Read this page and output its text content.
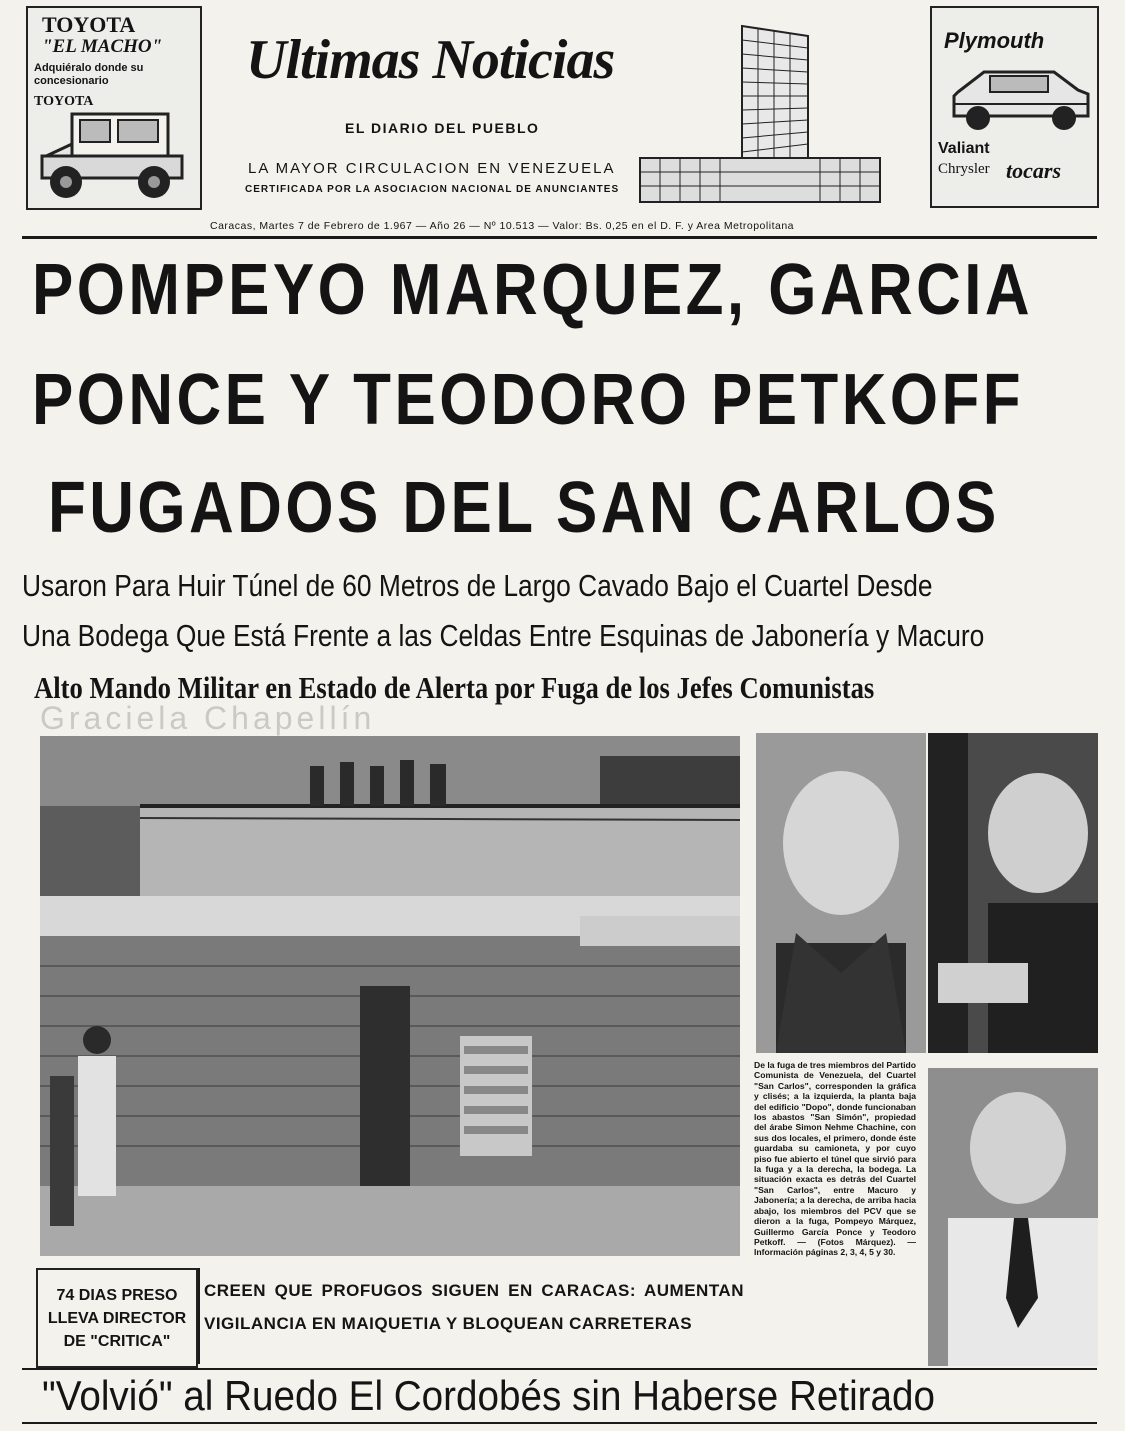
TOYOTA
"EL MACHO"
Adquiéralo donde su concesionario
TOYOTA
Ultimas Noticias
EL DIARIO DEL PUEBLO
LA MAYOR CIRCULACION EN VENEZUELA
CERTIFICADA POR LA ASOCIACION NACIONAL DE ANUNCIANTES
Caracas, Martes 7 de Febrero de 1.967 — Año 26 — Nº 10.513 — Valor: Bs. 0,25 en el D. F. y Area Metropolitana
Plymouth
Valiant
Chrysler tocars
POMPEYO MARQUEZ, GARCIA
PONCE Y TEODORO PETKOFF
FUGADOS DEL SAN CARLOS
Usaron Para Huir Túnel de 60 Metros de Largo Cavado Bajo el Cuartel Desde
Una Bodega Que Está Frente a las Celdas Entre Esquinas de Jabonería y Macuro
Alto Mando Militar en Estado de Alerta por Fuga de los Jefes Comunistas
Graciela Chapellín
De la fuga de tres miembros del Partido Comunista de Venezuela, del Cuartel "San Carlos", corresponden la gráfica y clisés; a la izquierda, la planta baja del edificio "Dopo", donde funcionaban los abastos "San Simón", propiedad del árabe Simon Nehme Chachine, con sus dos locales, el primero, donde éste guardaba su camioneta, y por cuyo piso fue abierto el túnel que sirvió para la fuga y a la derecha, la bodega. La situación exacta es detrás del Cuartel "San Carlos", entre Macuro y Jabonería; a la derecha, de arriba hacia abajo, los miembros del PCV que se dieron a la fuga, Pompeyo Márquez, Guillermo García Ponce y Teodoro Petkoff. — (Fotos Márquez). — Información páginas 2, 3, 4, 5 y 30.
74 DIAS PRESO
LLEVA DIRECTOR
DE "CRITICA"
CREEN QUE PROFUGOS SIGUEN EN CARACAS: AUMENTAN VIGILANCIA EN MAIQUETIA Y BLOQUEAN CARRETERAS
"Volvió" al Ruedo El Cordobés sin Haberse Retirado
